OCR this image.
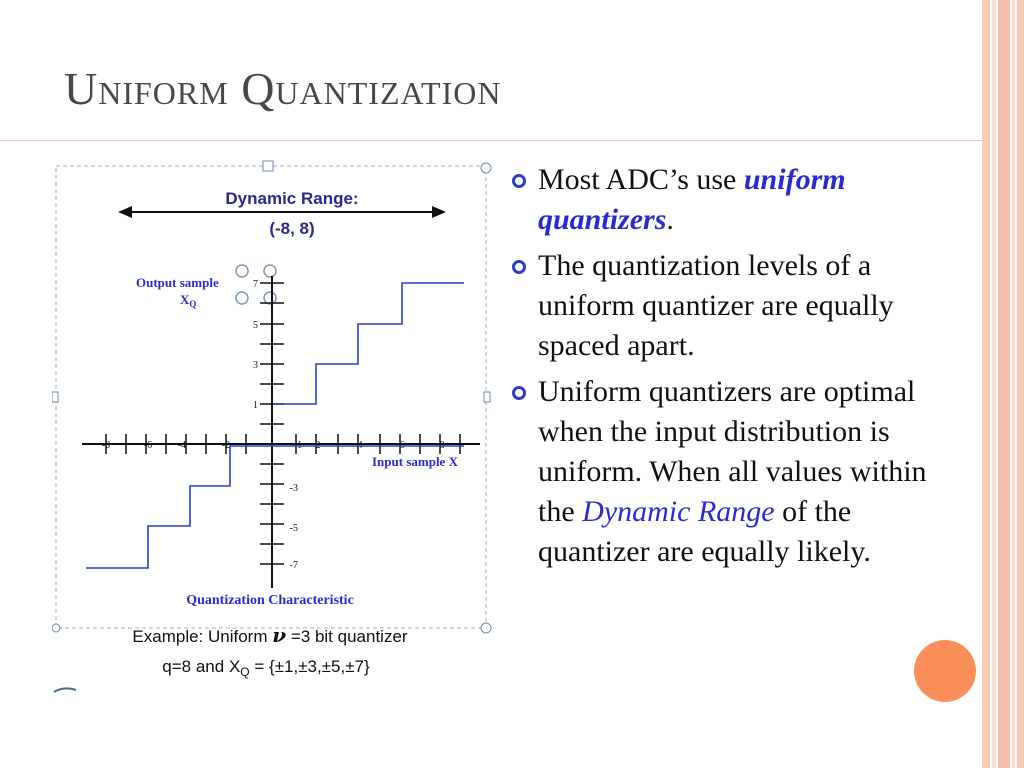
Uniform Quantization
Dynamic Range:
(-8, 8)
Output sample
$X_Q$
-8	-6	-4	-2	-1 2	4	6	8
7
5
3
1
-3
-5
-7
Input sample X
Quantization Characteristic
Example: Uniform ν =3 bit quantizer
q=8 and $X_Q = \{\pm 1,\pm 3,\pm 5,\pm 7\}$
Most ADC’s use uniform quantizers.
The quantization levels of a uniform quantizer are equally spaced apart.
Uniform quantizers are optimal when the input distribution is uniform. When all values within the Dynamic Range of the quantizer are equally likely.
